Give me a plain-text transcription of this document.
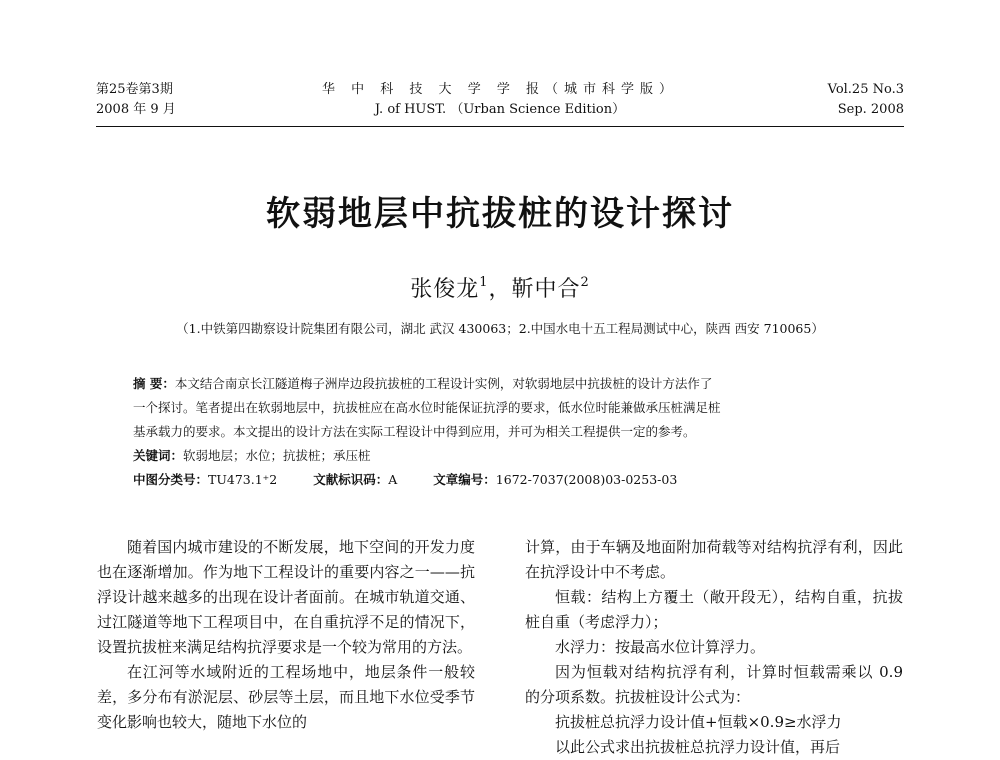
第25卷第3期
2008 年 9 月
华 中 科 技 大 学 学 报（城市科学版）
J. of HUST. （Urban Science Edition）
Vol.25 No.3
Sep. 2008
软弱地层中抗拔桩的设计探讨
张俊龙$^1$，靳中合$^2$
（1.中铁第四勘察设计院集团有限公司，湖北 武汉 430063；2.中国水电十五工程局测试中心，陕西 西安 710065）

摘 要：本文结合南京长江隧道梅子洲岸边段抗拔桩的工程设计实例，对软弱地层中抗拔桩的设计方法作了

一个探讨。笔者提出在软弱地层中，抗拔桩应在高水位时能保证抗浮的要求，低水位时能兼做承压桩满足桩

基承载力的要求。本文提出的设计方法在实际工程设计中得到应用，并可为相关工程提供一定的参考。

关键词：软弱地层；水位；抗拔桩；承压桩

中图分类号：TU473.1⁺2	文献标识码：A	文章编号：1672-7037(2008)03-0253-03

随着国内城市建设的不断发展，地下空间的开发力度也在逐渐增加。作为地下工程设计的重要内容之一——抗浮设计越来越多的出现在设计者面前。在城市轨道交通、过江隧道等地下工程项目中，在自重抗浮不足的情况下，设置抗拔桩来满足结构抗浮要求是一个较为常用的方法。

在江河等水域附近的工程场地中，地层条件一般较差，多分布有淤泥层、砂层等土层，而且地下水位受季节变化影响也较大，随地下水位的

计算，由于车辆及地面附加荷载等对结构抗浮有利，因此在抗浮设计中不考虑。

恒载：结构上方覆土（敞开段无），结构自重，抗拔桩自重（考虑浮力）；

水浮力：按最高水位计算浮力。

因为恒载对结构抗浮有利，计算时恒载需乘以 0.9 的分项系数。抗拔桩设计公式为：

抗拔桩总抗浮力设计值+恒载×0.9≥水浮力

以此公式求出抗拔桩总抗浮力设计值，再后
